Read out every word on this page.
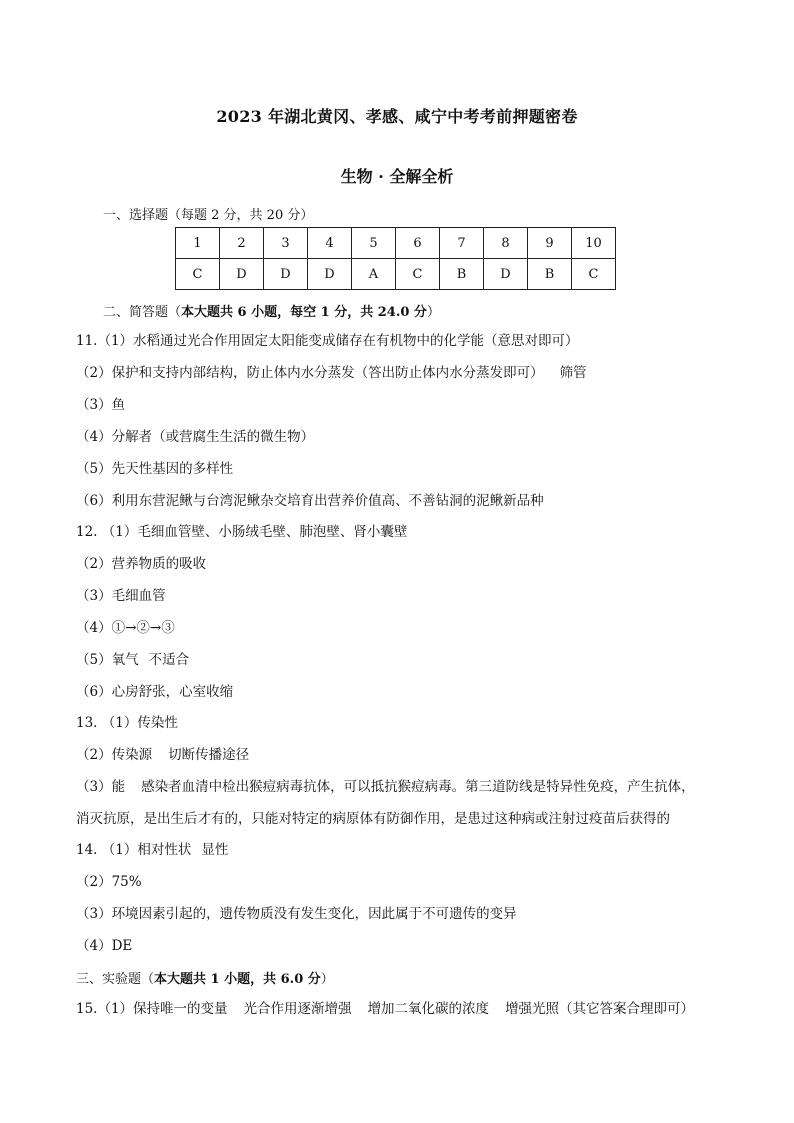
2023 年湖北黄冈、孝感、咸宁中考考前押题密卷
生物 · 全解全析
一、选择题（每题 2 分，共 20 分）
1	2	3	4	5	6	7	8	9	10
C	D	D	D	A	C	B	D	B	C
二、简答题（本大题共 6 小题，每空 1 分，共 24.0 分）
11.（1）水稻通过光合作用固定太阳能变成储存在有机物中的化学能（意思对即可）
（2）保护和支持内部结构，防止体内水分蒸发（答出防止体内水分蒸发即可） 筛管
（3）鱼
（4）分解者（或营腐生生活的微生物）
（5）先天性基因的多样性
（6）利用东营泥鳅与台湾泥鳅杂交培育出营养价值高、不善钻洞的泥鳅新品种
12. （1）毛细血管壁、小肠绒毛壁、肺泡壁、肾小囊壁
（2）营养物质的吸收
（3）毛细血管
（4）①→②→③
（5）氧气 不适合
（6）心房舒张，心室收缩
13. （1）传染性
（2）传染源 切断传播途径
（3）能 感染者血清中检出猴痘病毒抗体，可以抵抗猴痘病毒。第三道防线是特异性免疫，产生抗体，
消灭抗原，是出生后才有的，只能对特定的病原体有防御作用，是患过这种病或注射过疫苗后获得的
14. （1）相对性状 显性
（2）75%
（3）环境因素引起的，遗传物质没有发生变化，因此属于不可遗传的变异
（4）DE
三、实验题（本大题共 1 小题，共 6.0 分）
15.（1）保持唯一的变量 光合作用逐渐增强 增加二氧化碳的浓度 增强光照（其它答案合理即可）
